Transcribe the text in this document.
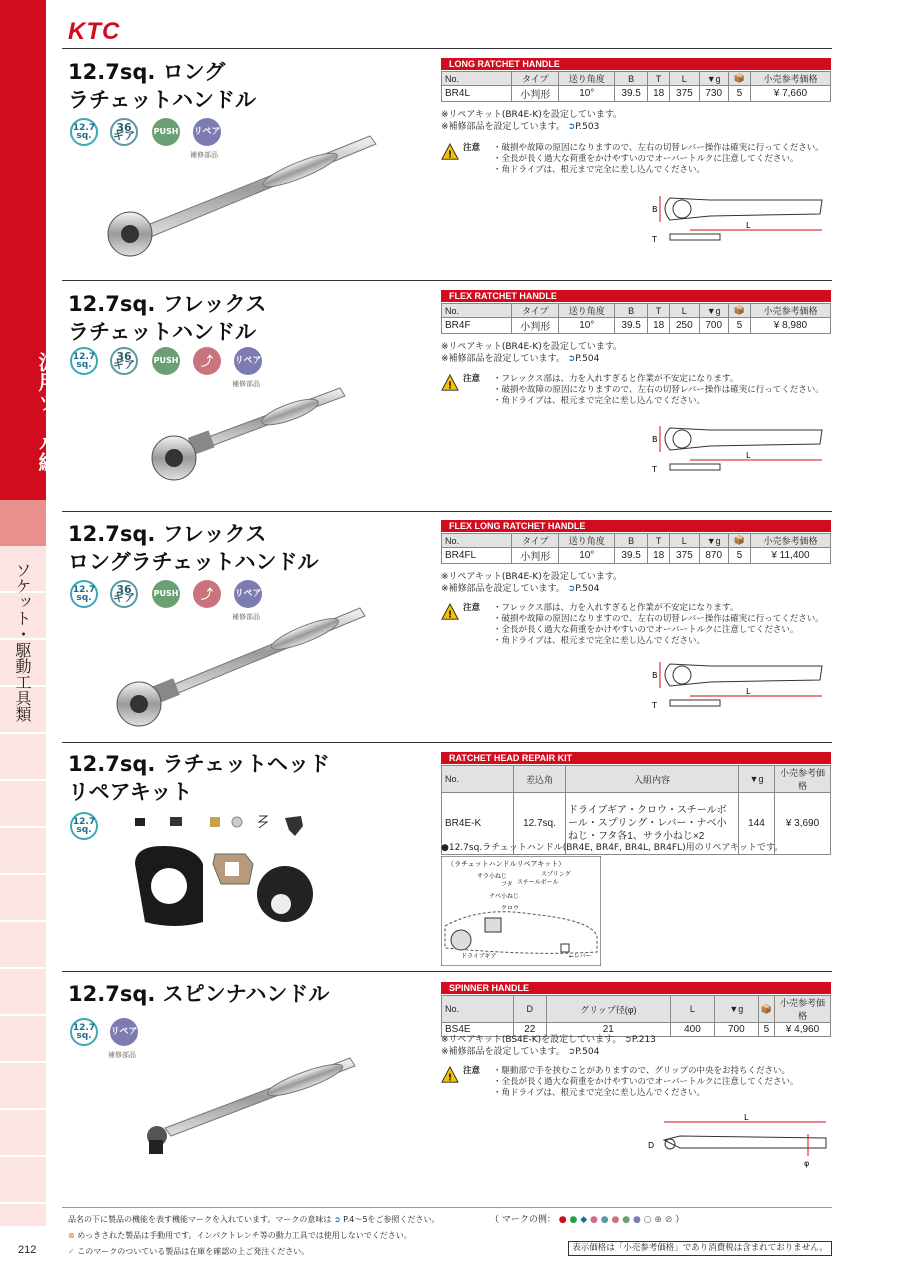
KTC
汎用ツール編
ソケット・駆動工具類
12.7sq. ロング
ラチェットハンドル
12.7 sq.
36 ギア	PUSH リペア
補修部品
LONG RATCHET HANDLE
No.	タイプ	送り角度	B	T	L	▼g	📦	小売参考価格
BR4L	小判形	10°	39.5	18	375	730	5	¥ 7,660
※リペアキット(BR4E-K)を設定しています。
※補修部品を設定しています。 ➲P.503
!
注意 ・破損や故障の原因になりますので、左右の切替レバー操作は確実に行ってください。
・全長が長く過大な荷重をかけやすいのでオーバートルクに注意してください。
・角ドライブは、根元まで完全に差し込んでください。
B
L
T
12.7sq. フレックス
ラチェットハンドル
12.7 sq.
36 ギア	PUSH	⤴	リペア
補修部品
FLEX RATCHET HANDLE
No.	タイプ	送り角度	B	T	L	▼g	📦	小売参考価格
BR4F	小判形	10°	39.5	18	250	700	5	¥ 8,980
※リペアキット(BR4E-K)を設定しています。
※補修部品を設定しています。 ➲P.504
!
注意 ・フレックス部は、力を入れすぎると作業が不安定になります。
・破損や故障の原因になりますので、左右の切替レバー操作は確実に行ってください。
・角ドライブは、根元まで完全に差し込んでください。
B
L
T
12.7sq. フレックス
ロングラチェットハンドル
12.7 sq.
36 ギア	PUSH	⤴	リペア
補修部品
FLEX LONG RATCHET HANDLE
No.	タイプ	送り角度	B	T	L	▼g	📦	小売参考価格
BR4FL	小判形	10°	39.5	18	375	870	5	¥ 11,400
※リペアキット(BR4E-K)を設定しています。
※補修部品を設定しています。 ➲P.504
!
注意 ・フレックス部は、力を入れすぎると作業が不安定になります。
・破損や故障の原因になりますので、左右の切替レバー操作は確実に行ってください。
・全長が長く過大な荷重をかけやすいのでオーバートルクに注意してください。
・角ドライブは、根元まで完全に差し込んでください。
B
L
T
12.7sq. ラチェットヘッド
リペアキット
12.7 sq.
RATCHET HEAD REPAIR KIT
No.	差込角	入組内容	▼g	小売参考価格
BR4E-K	12.7sq.	ドライブギア・クロウ・スチールボール・スプリング・レバー・ナベ小ねじ・フタ各1、サラ小ねじ×2	144	¥ 3,690
●12.7sq.ラチェットハンドル(BR4E, BR4F, BR4L, BR4FL)用のリペアキットです。
（ラチェットハンドルリペアキット）
サラ小ねじ
フタ
ナベ小ねじ
スプリング
スチールボール
クロウ
ドライブギア	←レバー
12.7sq. スピンナハンドル
12.7 sq.	リペア
補修部品
SPINNER HANDLE
No.	D	グリップ径(φ)	L	▼g	📦	小売参考価格
BS4E	22	21	400	700	5	¥ 4,960
※リペアキット(BS4E-K)を設定しています。 ➲P.213
※補修部品を設定しています。 ➲P.504
!
注意 ・駆動部で手を挟むことがありますので、グリップの中央をお持ちください。
・全長が長く過大な荷重をかけやすいのでオーバートルクに注意してください。
・角ドライブは、根元まで完全に差し込んでください。
L
D
φ
品名の下に製品の機能を表す機能マークを入れています。マークの意味は ➲ P.4～5をご参照ください。
⊗ めっきされた製品は手動用です。インパクトレンチ等の動力工具では使用しないでください。
✓ このマークのついている製品は在庫を確認の上ご発注ください。
（ マークの例： ● ● ◆ ● ● ● ● ● ○ ⊕ ⊘ ）
表示価格は「小売参考価格」であり消費税は含まれておりません。
212
